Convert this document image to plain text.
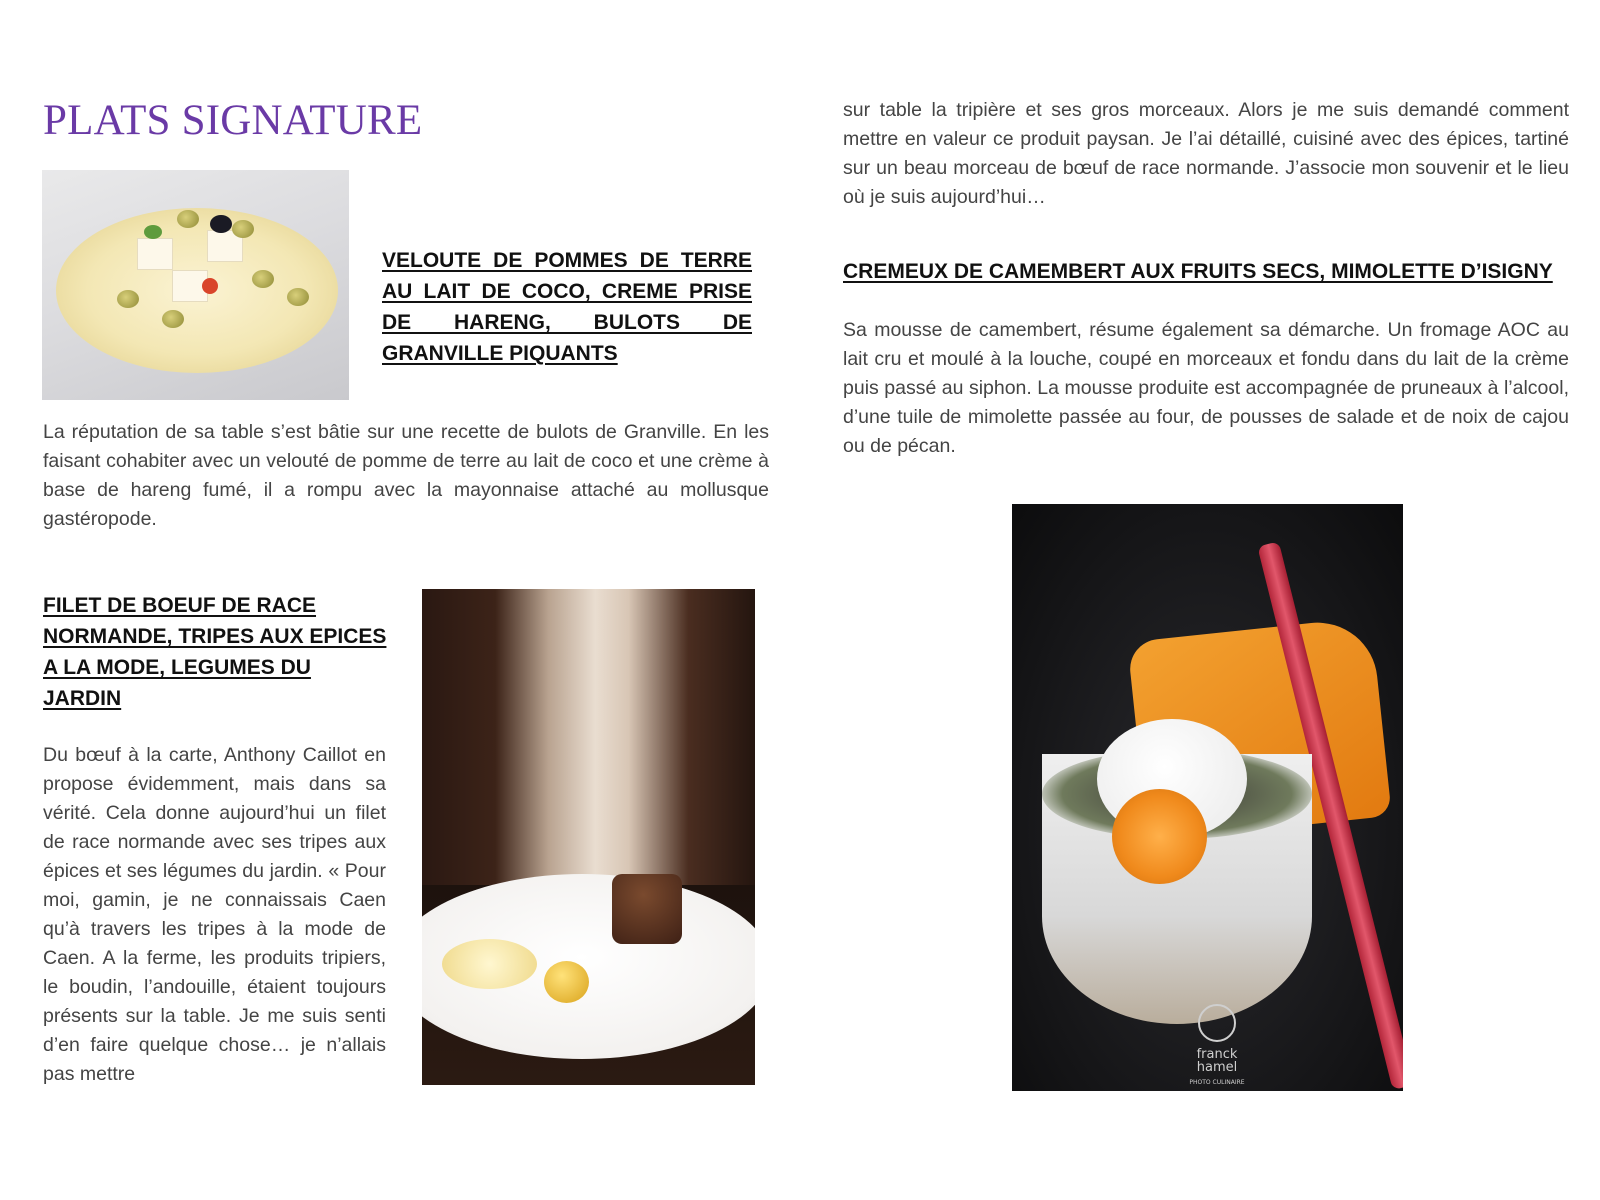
PLATS SIGNATURE
VELOUTE DE POMMES DE TERRE AU LAIT DE COCO, CREME PRISE DE HARENG, BULOTS DE GRANVILLE PIQUANTS

La réputation de sa table s’est bâtie sur une recette de bulots de Granville. En les faisant cohabiter avec un velouté de pomme de terre au lait de coco et une crème à base de hareng fumé, il a rompu avec la mayonnaise attaché au mollusque gastéropode.

FILET DE BOEUF DE RACE NORMANDE, TRIPES AUX EPICES A LA MODE, LEGUMES DU JARDIN

Du bœuf à la carte, Anthony Caillot en propose évidemment, mais dans sa vérité. Cela donne aujourd’hui un filet de race normande avec ses tripes aux épices et ses légumes du jardin. « Pour moi, gamin, je ne connaissais Caen qu’à travers les tripes à la mode de Caen. A la ferme, les produits tripiers, le boudin, l’andouille, étaient toujours présents sur la table. Je me suis senti d’en faire quelque chose… je n’allais pas mettre

sur table la tripière et ses gros morceaux. Alors je me suis demandé comment mettre en valeur ce produit paysan. Je l’ai détaillé, cuisiné avec des épices, tartiné sur un beau morceau de bœuf de race normande. J’associe mon souvenir et le lieu où je suis aujourd’hui…

CREMEUX DE CAMEMBERT AUX FRUITS SECS, MIMOLETTE D’ISIGNY

Sa mousse de camembert, résume également sa démarche. Un fromage AOC au lait cru et moulé à la louche, coupé en morceaux et fondu dans du lait de la crème puis passé au siphon. La mousse produite est accompagnée de pruneaux à l’alcool, d’une tuile de mimolette passée au four, de pousses de salade et de noix de cajou ou de pécan.

franck
hamel
PHOTO CULINAIRE
